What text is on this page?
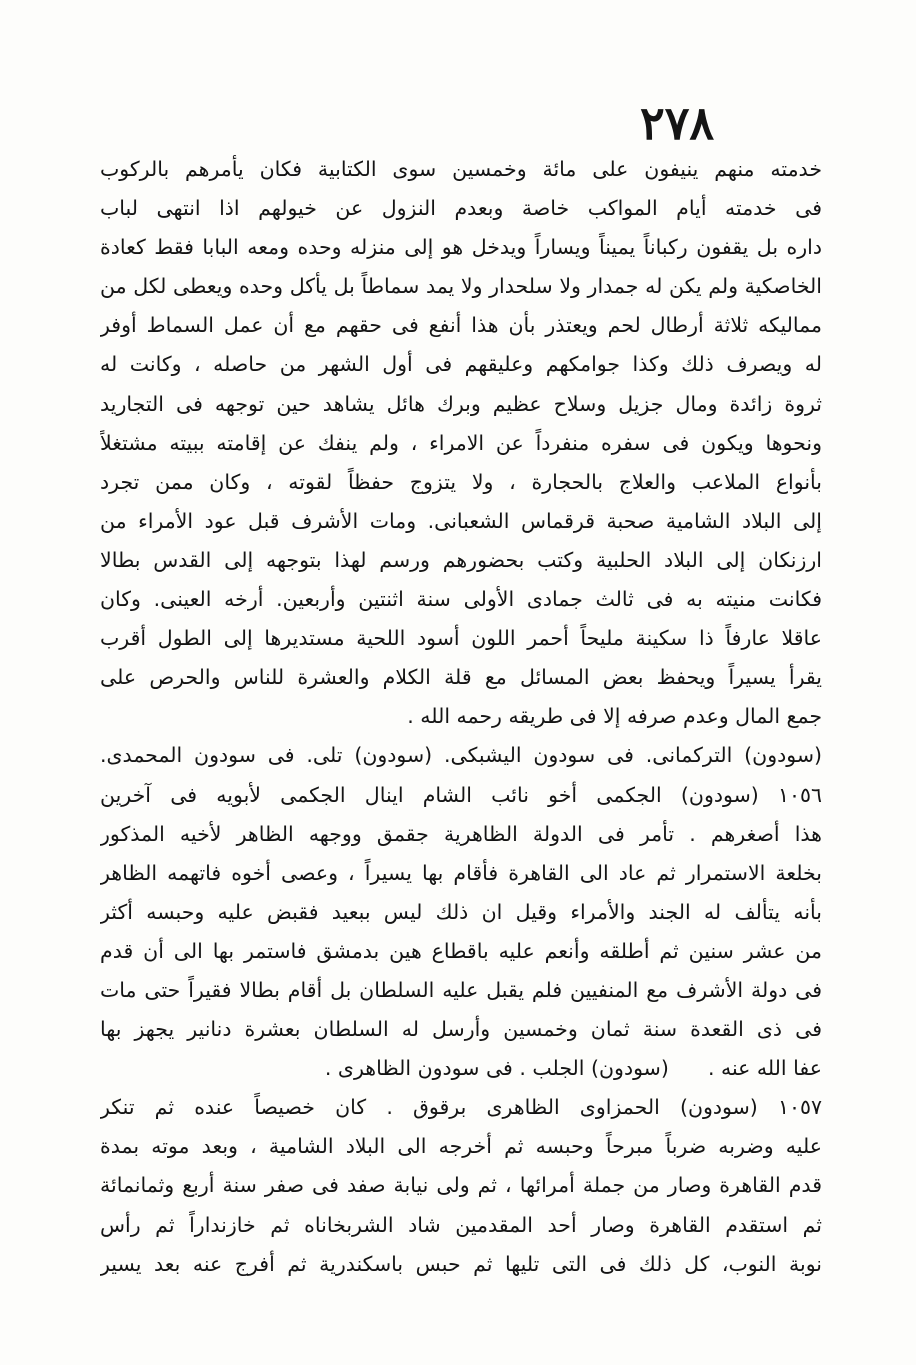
٢٧٨
خدمته منهم ينيفون على مائة وخمسين سوى الكتابية فكان يأمرهم بالركوب
فى خدمته أيام المواكب خاصة وبعدم النزول عن خيولهم اذا انتهى لباب
داره بل يقفون ركباناً يميناً ويساراً ويدخل هو إلى منزله وحده ومعه البابا فقط كعادة
الخاصكية ولم يكن له جمدار ولا سلحدار ولا يمد سماطاً بل يأكل وحده ويعطى لكل من
مماليكه ثلاثة أرطال لحم ويعتذر بأن هذا أنفع فى حقهم مع أن عمل السماط أوفر
له ويصرف ذلك وكذا جوامكهم وعليقهم فى أول الشهر من حاصله ، وكانت له
ثروة زائدة ومال جزيل وسلاح عظيم وبرك هائل يشاهد حين توجهه فى التجاريد
ونحوها ويكون فى سفره منفرداً عن الامراء ، ولم ينفك عن إقامته ببيته مشتغلاً
بأنواع الملاعب والعلاج بالحجارة ، ولا يتزوج حفظاً لقوته ، وكان ممن تجرد
إلى البلاد الشامية صحبة قرقماس الشعبانى. ومات الأشرف قبل عود الأمراء من
ارزنكان إلى البلاد الحلبية وكتب بحضورهم ورسم لهذا بتوجهه إلى القدس بطالا
فكانت منيته به فى ثالث جمادى الأولى سنة اثنتين وأربعين. أرخه العينى. وكان
عاقلا عارفاً ذا سكينة مليحاً أحمر اللون أسود اللحية مستديرها إلى الطول أقرب
يقرأ يسيراً ويحفظ بعض المسائل مع قلة الكلام والعشرة للناس والحرص على
جمع المال وعدم صرفه إلا فى طريقه رحمه الله .
(سودون) التركمانى. فى سودون اليشبكى. (سودون) تلى. فى سودون المحمدى.
١٠٥٦ (سودون) الجكمى أخو نائب الشام اينال الجكمى لأبويه فى آخرين
هذا أصغرهم . تأمر فى الدولة الظاهرية جقمق ووجهه الظاهر لأخيه المذكور
بخلعة الاستمرار ثم عاد الى القاهرة فأقام بها يسيراً ، وعصى أخوه فاتهمه الظاهر
بأنه يتألف له الجند والأمراء وقيل ان ذلك ليس ببعيد فقبض عليه وحبسه أكثر
من عشر سنين ثم أطلقه وأنعم عليه باقطاع هين بدمشق فاستمر بها الى أن قدم
فى دولة الأشرف مع المنفيين فلم يقبل عليه السلطان بل أقام بطالا فقيراً حتى مات
فى ذى القعدة سنة ثمان وخمسين وأرسل له السلطان بعشرة دنانير يجهز بها
عفا الله عنه .      (سودون) الجلب . فى سودون الظاهرى .
١٠٥٧ (سودون) الحمزاوى الظاهرى برقوق . كان خصيصاً عنده ثم تنكر
عليه وضربه ضرباً مبرحاً وحبسه ثم أخرجه الى البلاد الشامية ، وبعد موته بمدة
قدم القاهرة وصار من جملة أمرائها ، ثم ولى نيابة صفد فى صفر سنة أربع وثمانمائة
ثم استقدم القاهرة وصار أحد المقدمين شاد الشربخاناه ثم خازنداراً ثم رأس
نوبة النوب، كل ذلك فى التى تليها ثم حبس باسكندرية ثم أفرج عنه بعد يسير
